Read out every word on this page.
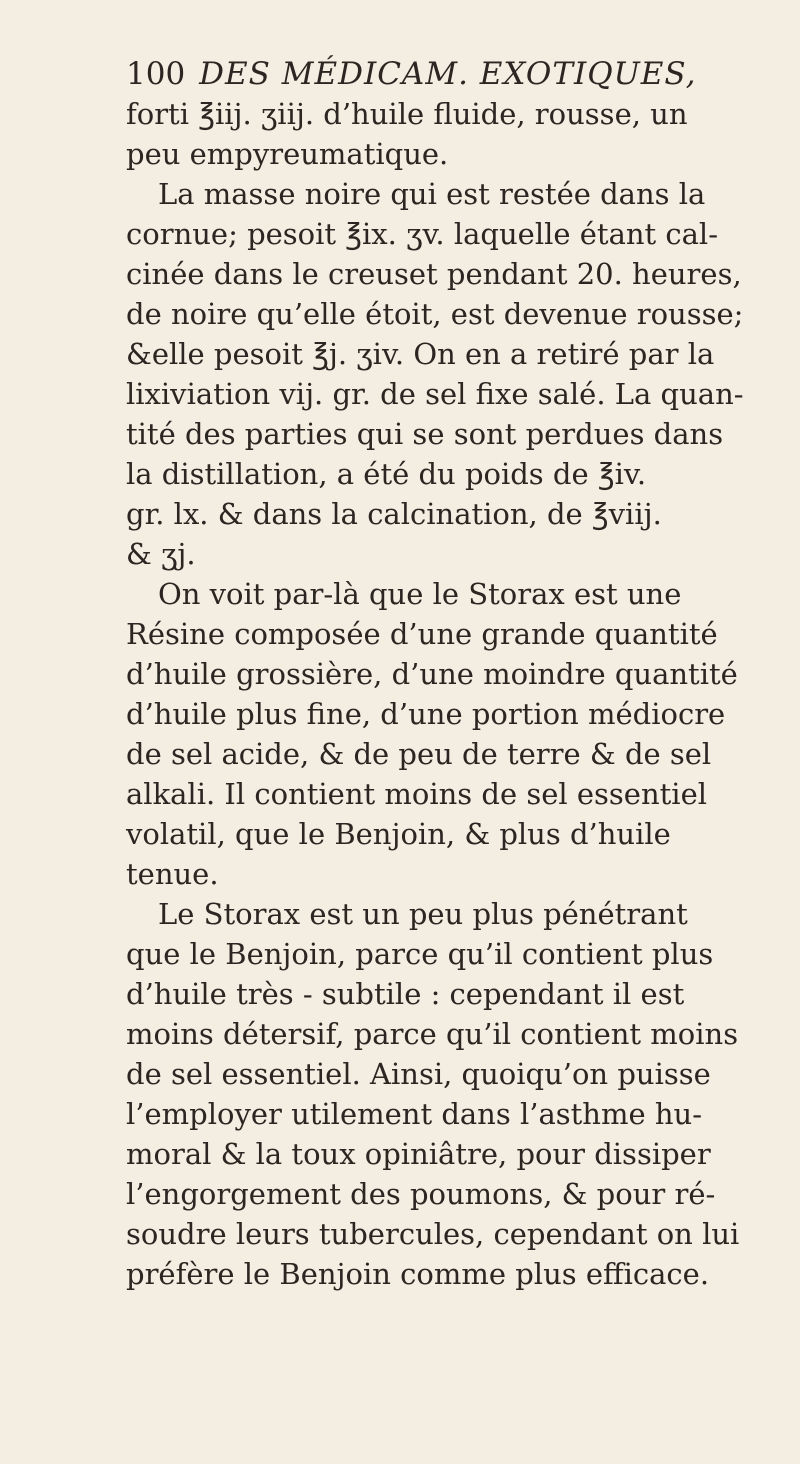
100 DES MÉDICAM. EXOTIQUES,
forti ℥iij. ʒiij. d’huile fluide, rousse, un
peu empyreumatique.
La masse noire qui est restée dans la
cornue; pesoit ℥ix. ʒv. laquelle étant cal-
cinée dans le creuset pendant 20. heures,
de noire qu’elle étoit, est devenue rousse;
&elle pesoit ℥j. ʒiv. On en a retiré par la
lixiviation vij. gr. de sel fixe salé. La quan-
tité des parties qui se sont perdues dans
la distillation, a été du poids de ℥iv.
gr. lx. & dans la calcination, de ℥viij.
& ʒj.
On voit par-là que le Storax est une
Résine composée d’une grande quantité
d’huile grossière, d’une moindre quantité
d’huile plus fine, d’une portion médiocre
de sel acide, & de peu de terre & de sel
alkali. Il contient moins de sel essentiel
volatil, que le Benjoin, & plus d’huile
tenue.
Le Storax est un peu plus pénétrant
que le Benjoin, parce qu’il contient plus
d’huile très - subtile : cependant il est
moins détersif, parce qu’il contient moins
de sel essentiel. Ainsi, quoiqu’on puisse
l’employer utilement dans l’asthme hu-
moral & la toux opiniâtre, pour dissiper
l’engorgement des poumons, & pour ré-
soudre leurs tubercules, cependant on lui
préfère le Benjoin comme plus efficace.
